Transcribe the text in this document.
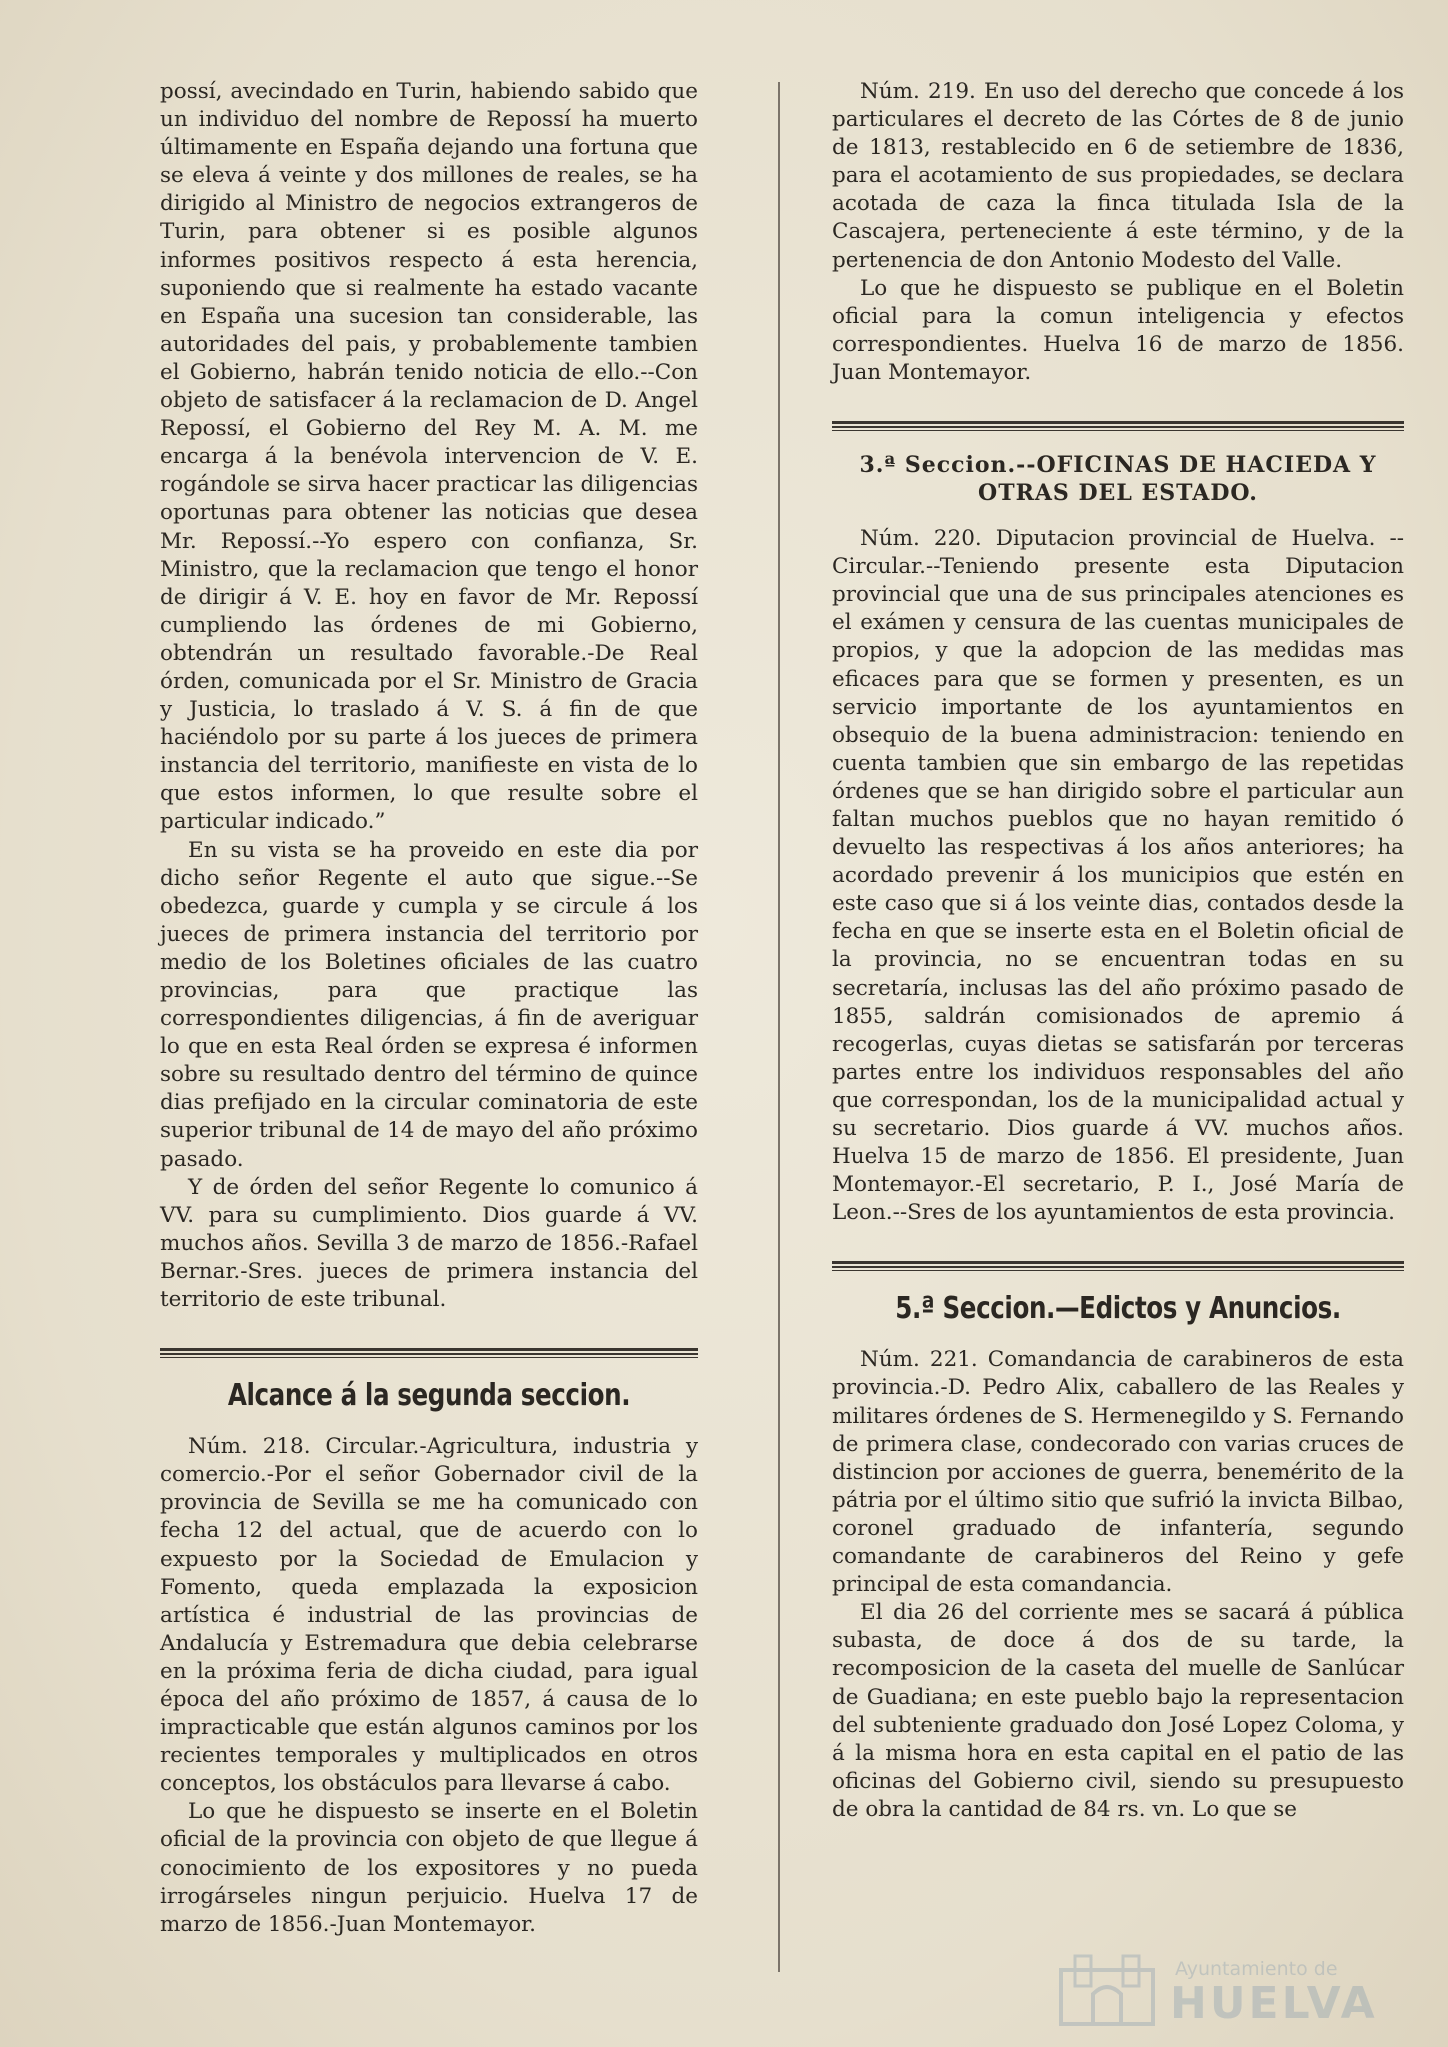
possí, avecindado en Turin, habiendo sabido que un individuo del nombre de Repossí ha muerto últimamente en España dejando una fortuna que se eleva á veinte y dos millones de reales, se ha dirigido al Ministro de negocios extrangeros de Turin, para obtener si es posible algunos informes positivos respecto á esta herencia, suponiendo que si realmente ha estado vacante en España una sucesion tan considerable, las autoridades del pais, y probablemente tambien el Gobierno, habrán tenido noticia de ello.--Con objeto de satisfacer á la reclamacion de D. Angel Repossí, el Gobierno del Rey M. A. M. me encarga á la benévola intervencion de V. E. rogándole se sirva hacer practicar las diligencias oportunas para obtener las noticias que desea Mr. Repossí.--Yo espero con confianza, Sr. Ministro, que la reclamacion que tengo el honor de dirigir á V. E. hoy en favor de Mr. Repossí cumpliendo las órdenes de mi Gobierno, obtendrán un resultado favorable.-De Real órden, comunicada por el Sr. Ministro de Gracia y Justicia, lo traslado á V. S. á fin de que haciéndolo por su parte á los jueces de primera instancia del territorio, manifieste en vista de lo que estos informen, lo que resulte sobre el particular indicado.”

En su vista se ha proveido en este dia por dicho señor Regente el auto que sigue.--Se obedezca, guarde y cumpla y se circule á los jueces de primera instancia del territorio por medio de los Boletines oficiales de las cuatro provincias, para que practique las correspondientes diligencias, á fin de averiguar lo que en esta Real órden se expresa é informen sobre su resultado dentro del término de quince dias prefijado en la circular cominatoria de este superior tribunal de 14 de mayo del año próximo pasado.

Y de órden del señor Regente lo comunico á VV. para su cumplimiento. Dios guarde á VV. muchos años. Sevilla 3 de marzo de 1856.-Rafael Bernar.-Sres. jueces de primera instancia del territorio de este tribunal.

Alcance á la segunda seccion.

Núm. 218. Circular.-Agricultura, industria y comercio.-Por el señor Gobernador civil de la provincia de Sevilla se me ha comunicado con fecha 12 del actual, que de acuerdo con lo expuesto por la Sociedad de Emulacion y Fomento, queda emplazada la exposicion artística é industrial de las provincias de Andalucía y Estremadura que debia celebrarse en la próxima feria de dicha ciudad, para igual época del año próximo de 1857, á causa de lo impracticable que están algunos caminos por los recientes temporales y multiplicados en otros conceptos, los obstáculos para llevarse á cabo.

Lo que he dispuesto se inserte en el Boletin oficial de la provincia con objeto de que llegue á conocimiento de los expositores y no pueda irrogárseles ningun perjuicio. Huelva 17 de marzo de 1856.-Juan Montemayor.

Núm. 219. En uso del derecho que concede á los particulares el decreto de las Córtes de 8 de junio de 1813, restablecido en 6 de setiembre de 1836, para el acotamiento de sus propiedades, se declara acotada de caza la finca titulada Isla de la Cascajera, perteneciente á este término, y de la pertenencia de don Antonio Modesto del Valle.

Lo que he dispuesto se publique en el Boletin oficial para la comun inteligencia y efectos correspondientes. Huelva 16 de marzo de 1856. Juan Montemayor.

3.ª Seccion.--OFICINAS DE HACIEDA Y
OTRAS DEL ESTADO.

Núm. 220. Diputacion provincial de Huelva. --Circular.--Teniendo presente esta Diputacion provincial que una de sus principales atenciones es el exámen y censura de las cuentas municipales de propios, y que la adopcion de las medidas mas eficaces para que se formen y presenten, es un servicio importante de los ayuntamientos en obsequio de la buena administracion: teniendo en cuenta tambien que sin embargo de las repetidas órdenes que se han dirigido sobre el particular aun faltan muchos pueblos que no hayan remitido ó devuelto las respectivas á los años anteriores; ha acordado prevenir á los municipios que estén en este caso que si á los veinte dias, contados desde la fecha en que se inserte esta en el Boletin oficial de la provincia, no se encuentran todas en su secretaría, inclusas las del año próximo pasado de 1855, saldrán comisionados de apremio á recogerlas, cuyas dietas se satisfarán por terceras partes entre los individuos responsables del año que correspondan, los de la municipalidad actual y su secretario. Dios guarde á VV. muchos años. Huelva 15 de marzo de 1856. El presidente, Juan Montemayor.-El secretario, P. I., José María de Leon.--Sres de los ayuntamientos de esta provincia.

5.ª Seccion.—Edictos y Anuncios.

Núm. 221. Comandancia de carabineros de esta provincia.-D. Pedro Alix, caballero de las Reales y militares órdenes de S. Hermenegildo y S. Fernando de primera clase, condecorado con varias cruces de distincion por acciones de guerra, benemérito de la pátria por el último sitio que sufrió la invicta Bilbao, coronel graduado de infantería, segundo comandante de carabineros del Reino y gefe principal de esta comandancia.

El dia 26 del corriente mes se sacará á pública subasta, de doce á dos de su tarde, la recomposicion de la caseta del muelle de Sanlúcar de Guadiana; en este pueblo bajo la representacion del subteniente graduado don José Lopez Coloma, y á la misma hora en esta capital en el patio de las oficinas del Gobierno civil, siendo su presupuesto de obra la cantidad de 84 rs. vn. Lo que se

Ayuntamiento de
HUELVA
